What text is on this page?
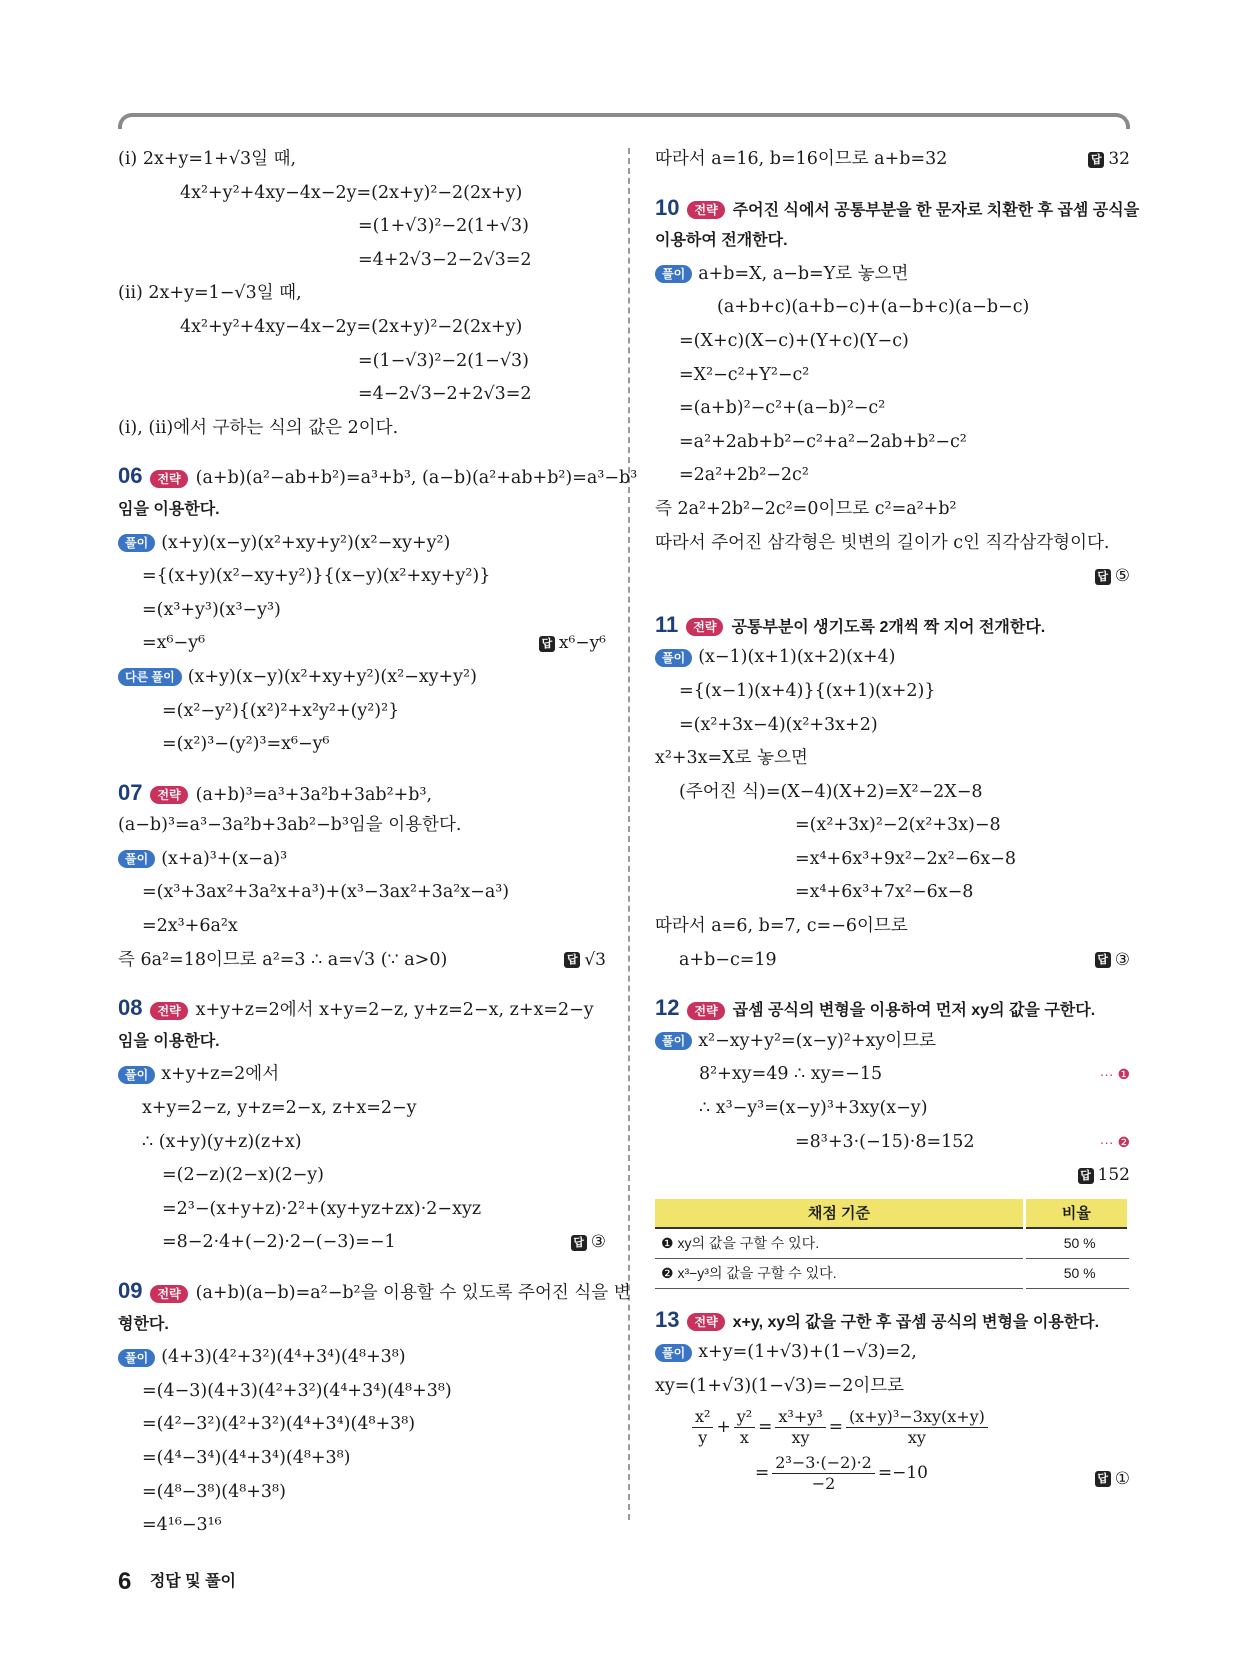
(ⅰ) 2x+y=1+√3일 때,
4x²+y²+4xy−4x−2y=(2x+y)²−2(2x+y)
=(1+√3)²−2(1+√3)
=4+2√3−2−2√3=2
(ⅱ) 2x+y=1−√3일 때,
4x²+y²+4xy−4x−2y=(2x+y)²−2(2x+y)
=(1−√3)²−2(1−√3)
=4−2√3−2+2√3=2
(ⅰ), (ⅱ)에서 구하는 식의 값은 2이다.
06 전략 (a+b)(a²−ab+b²)=a³+b³, (a−b)(a²+ab+b²)=a³−b³
임을 이용한다.
풀이 (x+y)(x−y)(x²+xy+y²)(x²−xy+y²)
={(x+y)(x²−xy+y²)}{(x−y)(x²+xy+y²)}
=(x³+y³)(x³−y³)
=x⁶−y⁶	답 x⁶−y⁶
다른 풀이 (x+y)(x−y)(x²+xy+y²)(x²−xy+y²)
=(x²−y²){(x²)²+x²y²+(y²)²}
=(x²)³−(y²)³=x⁶−y⁶
07 전략 (a+b)³=a³+3a²b+3ab²+b³,
(a−b)³=a³−3a²b+3ab²−b³임을 이용한다.
풀이 (x+a)³+(x−a)³
=(x³+3ax²+3a²x+a³)+(x³−3ax²+3a²x−a³)
=2x³+6a²x
즉 6a²=18이므로 a²=3 ∴ a=√3 (∵ a>0)	답 √3
08 전략 x+y+z=2에서 x+y=2−z, y+z=2−x, z+x=2−y
임을 이용한다.
풀이 x+y+z=2에서
x+y=2−z, y+z=2−x, z+x=2−y
∴ (x+y)(y+z)(z+x)
=(2−z)(2−x)(2−y)
=2³−(x+y+z)·2²+(xy+yz+zx)·2−xyz
=8−2·4+(−2)·2−(−3)=−1	답 ③
09 전략 (a+b)(a−b)=a²−b²을 이용할 수 있도록 주어진 식을 변
형한다.
풀이 (4+3)(4²+3²)(4⁴+3⁴)(4⁸+3⁸)
=(4−3)(4+3)(4²+3²)(4⁴+3⁴)(4⁸+3⁸)
=(4²−3²)(4²+3²)(4⁴+3⁴)(4⁸+3⁸)
=(4⁴−3⁴)(4⁴+3⁴)(4⁸+3⁸)
=(4⁸−3⁸)(4⁸+3⁸)
=4¹⁶−3¹⁶
따라서 a=16, b=16이므로 a+b=32	답 32
10 전략 주어진 식에서 공통부분을 한 문자로 치환한 후 곱셈 공식을
이용하여 전개한다.
풀이 a+b=X, a−b=Y로 놓으면
(a+b+c)(a+b−c)+(a−b+c)(a−b−c)
=(X+c)(X−c)+(Y+c)(Y−c)
=X²−c²+Y²−c²
=(a+b)²−c²+(a−b)²−c²
=a²+2ab+b²−c²+a²−2ab+b²−c²
=2a²+2b²−2c²
즉 2a²+2b²−2c²=0이므로 c²=a²+b²
따라서 주어진 삼각형은 빗변의 길이가 c인 직각삼각형이다.
답 ⑤
11 전략 공통부분이 생기도록 2개씩 짝 지어 전개한다.
풀이 (x−1)(x+1)(x+2)(x+4)
={(x−1)(x+4)}{(x+1)(x+2)}
=(x²+3x−4)(x²+3x+2)
x²+3x=X로 놓으면
(주어진 식)=(X−4)(X+2)=X²−2X−8
=(x²+3x)²−2(x²+3x)−8
=x⁴+6x³+9x²−2x²−6x−8
=x⁴+6x³+7x²−6x−8
따라서 a=6, b=7, c=−6이므로
a+b−c=19	답 ③
12 전략 곱셈 공식의 변형을 이용하여 먼저 xy의 값을 구한다.
풀이 x²−xy+y²=(x−y)²+xy이므로
8²+xy=49 ∴ xy=−15	··· ❶
∴ x³−y³=(x−y)³+3xy(x−y)
=8³+3·(−15)·8=152	··· ❷
답 152
채점 기준	비율
❶ xy의 값을 구할 수 있다.	50 %
❷ x³−y³의 값을 구할 수 있다.	50 %
13 전략 x+y, xy의 값을 구한 후 곱셈 공식의 변형을 이용한다.
풀이 x+y=(1+√3)+(1−√3)=2,
xy=(1+√3)(1−√3)=−2이므로
$\frac{\text{x²}}{y} + \frac{\text{y²}}{x} = \frac{\text{x³+y³}}{xy} = \frac{\text{(x+y)³−3xy(x+y)}}{xy}$
= $\frac{\text{2³−3·(−2)·2}}{-2} =-10$	답 ①
6 정답 및 풀이
